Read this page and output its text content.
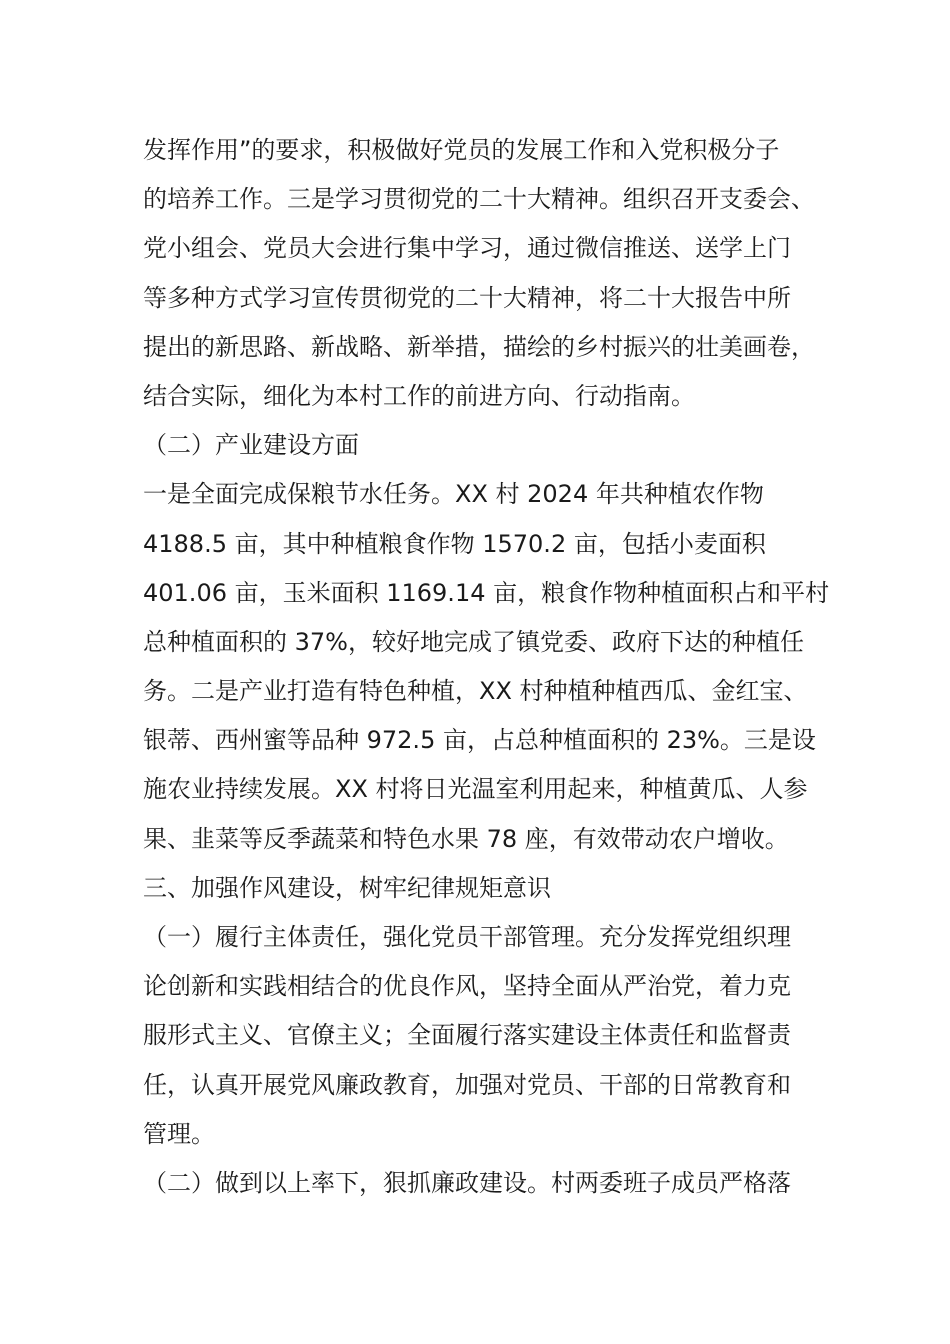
发挥作用”的要求，积极做好党员的发展工作和入党积极分子
的培养工作。三是学习贯彻党的二十大精神。组织召开支委会、
党小组会、党员大会进行集中学习，通过微信推送、送学上门
等多种方式学习宣传贯彻党的二十大精神，将二十大报告中所
提出的新思路、新战略、新举措，描绘的乡村振兴的壮美画卷，
结合实际，细化为本村工作的前进方向、行动指南。
（二）产业建设方面
一是全面完成保粮节水任务。XX 村 2024 年共种植农作物
4188.5 亩，其中种植粮食作物 1570.2 亩，包括小麦面积
401.06 亩，玉米面积 1169.14 亩，粮食作物种植面积占和平村
总种植面积的 37%，较好地完成了镇党委、政府下达的种植任
务。二是产业打造有特色种植，XX 村种植种植西瓜、金红宝、
银蒂、西州蜜等品种 972.5 亩，占总种植面积的 23%。三是设
施农业持续发展。XX 村将日光温室利用起来，种植黄瓜、人参
果、韭菜等反季蔬菜和特色水果 78 座，有效带动农户增收。
三、加强作风建设，树牢纪律规矩意识
（一）履行主体责任，强化党员干部管理。充分发挥党组织理
论创新和实践相结合的优良作风，坚持全面从严治党，着力克
服形式主义、官僚主义；全面履行落实建设主体责任和监督责
任，认真开展党风廉政教育，加强对党员、干部的日常教育和
管理。
（二）做到以上率下，狠抓廉政建设。村两委班子成员严格落
